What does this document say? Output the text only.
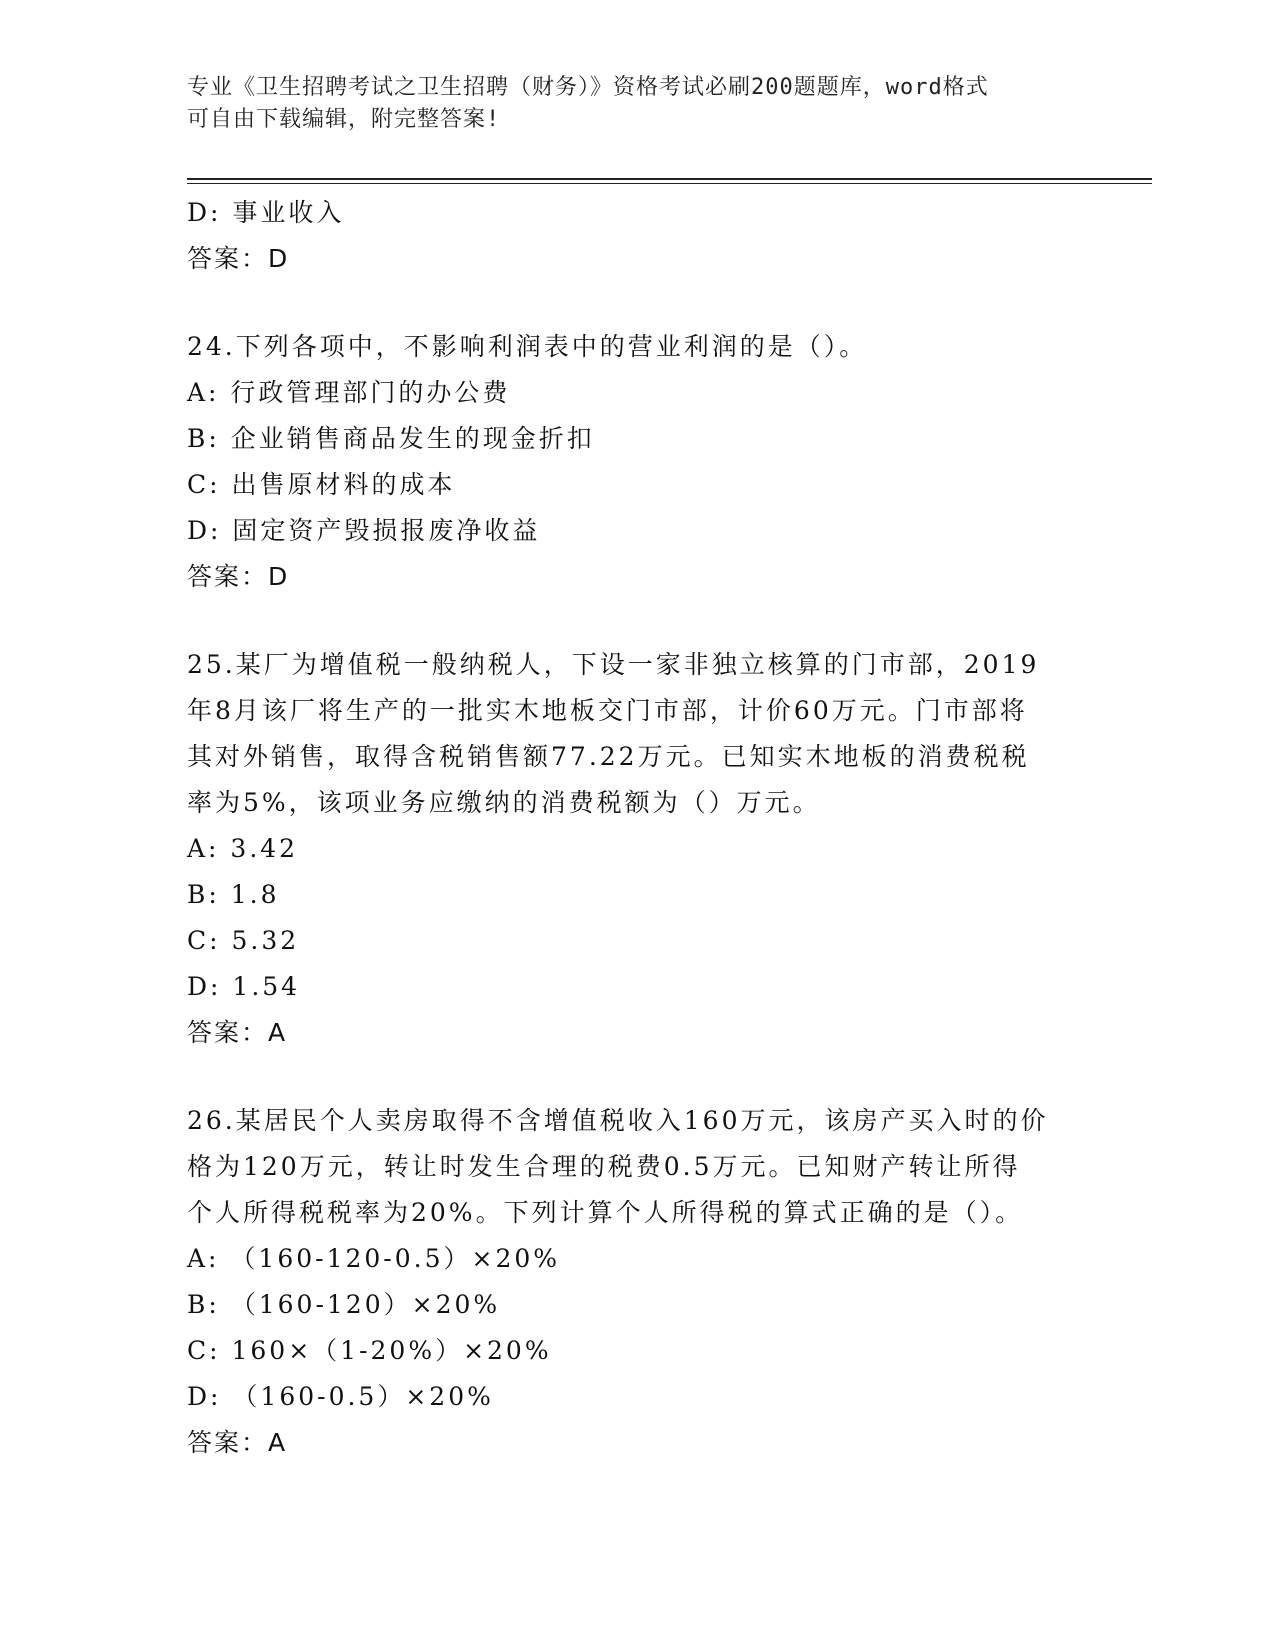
专业《卫生招聘考试之卫生招聘（财务）》资格考试必刷200题题库，word格式
可自由下载编辑，附完整答案!
D: 事业收入
答案：D
24.下列各项中，不影响利润表中的营业利润的是（）。
A: 行政管理部门的办公费
B: 企业销售商品发生的现金折扣
C: 出售原材料的成本
D: 固定资产毁损报废净收益
答案：D
25.某厂为增值税一般纳税人，下设一家非独立核算的门市部，2019
年8月该厂将生产的一批实木地板交门市部，计价60万元。门市部将
其对外销售，取得含税销售额77.22万元。已知实木地板的消费税税
率为5%，该项业务应缴纳的消费税额为（）万元。
A: 3.42
B: 1.8
C: 5.32
D: 1.54
答案：A
26.某居民个人卖房取得不含增值税收入160万元，该房产买入时的价
格为120万元，转让时发生合理的税费0.5万元。已知财产转让所得
个人所得税税率为20%。下列计算个人所得税的算式正确的是（）。
A: （160-120-0.5）×20%
B: （160-120）×20%
C: 160×（1-20%）×20%
D: （160-0.5）×20%
答案：A
